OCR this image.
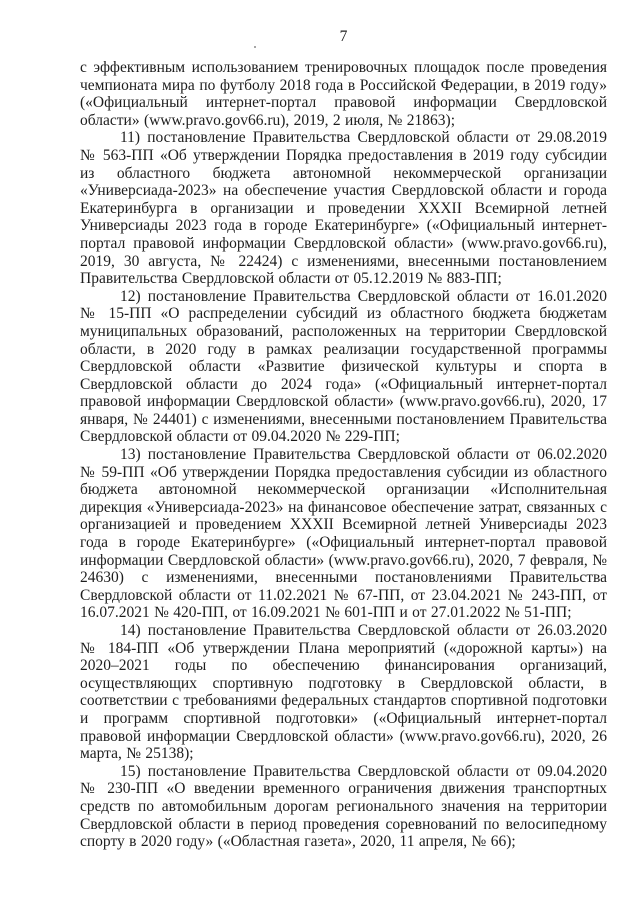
7

с эффективным использованием тренировочных площадок после проведения чемпионата мира по футболу 2018 года в Российской Федерации, в 2019 году» («Официальный интернет-портал правовой информации Свердловской области» (www.pravo.gov66.ru), 2019, 2 июля, № 21863);

11) постановление Правительства Свердловской области от 29.08.2019 № 563-ПП «Об утверждении Порядка предоставления в 2019 году субсидии из областного бюджета автономной некоммерческой организации «Универсиада-2023» на обеспечение участия Свердловской области и города Екатеринбурга в организации и проведении XXXII Всемирной летней Универсиады 2023 года в городе Екатеринбурге» («Официальный интернет-портал правовой информации Свердловской области» (www.pravo.gov66.ru), 2019, 30 августа, № 22424) с изменениями, внесенными постановлением Правительства Свердловской области от 05.12.2019 № 883-ПП;

12) постановление Правительства Свердловской области от 16.01.2020 № 15-ПП «О распределении субсидий из областного бюджета бюджетам муниципальных образований, расположенных на территории Свердловской области, в 2020 году в рамках реализации государственной программы Свердловской области «Развитие физической культуры и спорта в Свердловской области до 2024 года» («Официальный интернет-портал правовой информации Свердловской области» (www.pravo.gov66.ru), 2020, 17 января, № 24401) с изменениями, внесенными постановлением Правительства Свердловской области от 09.04.2020 № 229-ПП;

13) постановление Правительства Свердловской области от 06.02.2020 № 59-ПП «Об утверждении Порядка предоставления субсидии из областного бюджета автономной некоммерческой организации «Исполнительная дирекция «Универсиада-2023» на финансовое обеспечение затрат, связанных с организацией и проведением XXXII Всемирной летней Универсиады 2023 года в городе Екатеринбурге» («Официальный интернет-портал правовой информации Свердловской области» (www.pravo.gov66.ru), 2020, 7 февраля, № 24630) с изменениями, внесенными постановлениями Правительства Свердловской области от 11.02.2021 № 67-ПП, от 23.04.2021 № 243-ПП, от 16.07.2021 № 420-ПП, от 16.09.2021 № 601-ПП и от 27.01.2022 № 51-ПП;

14) постановление Правительства Свердловской области от 26.03.2020 № 184-ПП «Об утверждении Плана мероприятий («дорожной карты») на 2020–2021 годы по обеспечению финансирования организаций, осуществляющих спортивную подготовку в Свердловской области, в соответствии с требованиями федеральных стандартов спортивной подготовки и программ спортивной подготовки» («Официальный интернет-портал правовой информации Свердловской области» (www.pravo.gov66.ru), 2020, 26 марта, № 25138);

15) постановление Правительства Свердловской области от 09.04.2020 № 230-ПП «О введении временного ограничения движения транспортных средств по автомобильным дорогам регионального значения на территории Свердловской области в период проведения соревнований по велосипедному спорту в 2020 году» («Областная газета», 2020, 11 апреля, № 66);
